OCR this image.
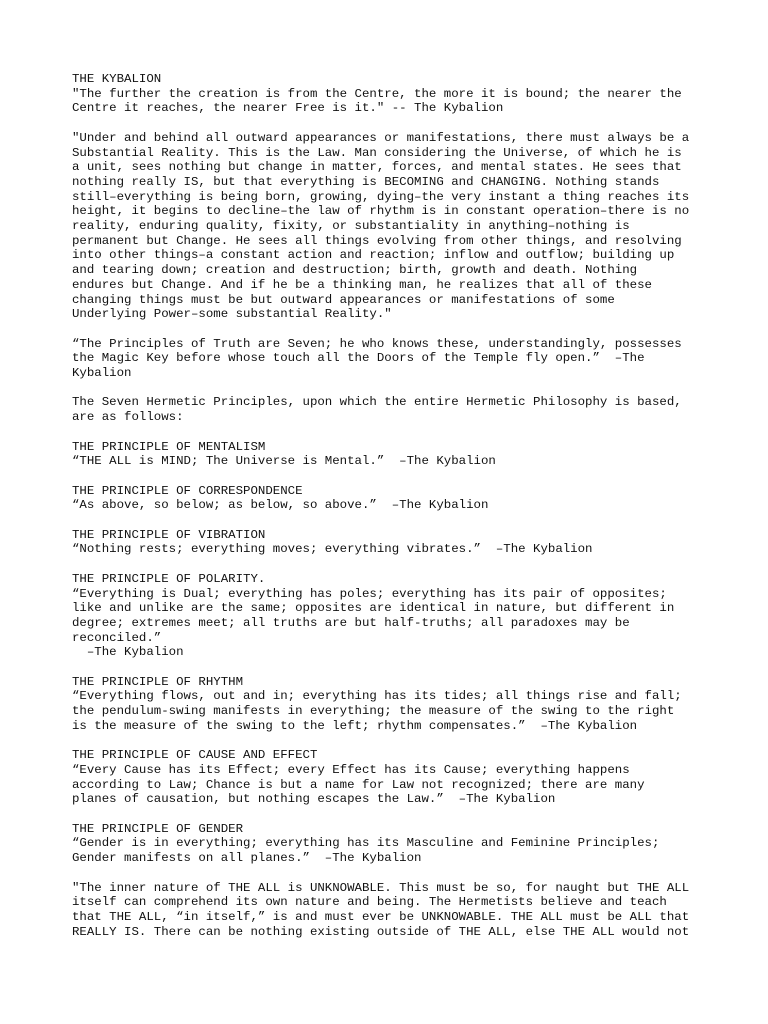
THE KYBALION
"The further the creation is from the Centre, the more it is bound; the nearer the
Centre it reaches, the nearer Free is it." -- The Kybalion
"Under and behind all outward appearances or manifestations, there must always be a
Substantial Reality. This is the Law. Man considering the Universe, of which he is
a unit, sees nothing but change in matter, forces, and mental states. He sees that
nothing really IS, but that everything is BECOMING and CHANGING. Nothing stands
still–everything is being born, growing, dying–the very instant a thing reaches its
height, it begins to decline–the law of rhythm is in constant operation–there is no
reality, enduring quality, fixity, or substantiality in anything–nothing is
permanent but Change. He sees all things evolving from other things, and resolving
into other things–a constant action and reaction; inflow and outflow; building up
and tearing down; creation and destruction; birth, growth and death. Nothing
endures but Change. And if he be a thinking man, he realizes that all of these
changing things must be but outward appearances or manifestations of some
Underlying Power–some substantial Reality."
“The Principles of Truth are Seven; he who knows these, understandingly, possesses
the Magic Key before whose touch all the Doors of the Temple fly open.”  –The
Kybalion
The Seven Hermetic Principles, upon which the entire Hermetic Philosophy is based,
are as follows:
THE PRINCIPLE OF MENTALISM
“THE ALL is MIND; The Universe is Mental.”  –The Kybalion
THE PRINCIPLE OF CORRESPONDENCE
“As above, so below; as below, so above.”  –The Kybalion
THE PRINCIPLE OF VIBRATION
“Nothing rests; everything moves; everything vibrates.”  –The Kybalion
THE PRINCIPLE OF POLARITY.
“Everything is Dual; everything has poles; everything has its pair of opposites;
like and unlike are the same; opposites are identical in nature, but different in
degree; extremes meet; all truths are but half-truths; all paradoxes may be
reconciled.”
–The Kybalion
THE PRINCIPLE OF RHYTHM
“Everything flows, out and in; everything has its tides; all things rise and fall;
the pendulum-swing manifests in everything; the measure of the swing to the right
is the measure of the swing to the left; rhythm compensates.”  –The Kybalion
THE PRINCIPLE OF CAUSE AND EFFECT
“Every Cause has its Effect; every Effect has its Cause; everything happens
according to Law; Chance is but a name for Law not recognized; there are many
planes of causation, but nothing escapes the Law.”  –The Kybalion
THE PRINCIPLE OF GENDER
“Gender is in everything; everything has its Masculine and Feminine Principles;
Gender manifests on all planes.”  –The Kybalion
"The inner nature of THE ALL is UNKNOWABLE. This must be so, for naught but THE ALL
itself can comprehend its own nature and being. The Hermetists believe and teach
that THE ALL, “in itself,” is and must ever be UNKNOWABLE. THE ALL must be ALL that
REALLY IS. There can be nothing existing outside of THE ALL, else THE ALL would not
